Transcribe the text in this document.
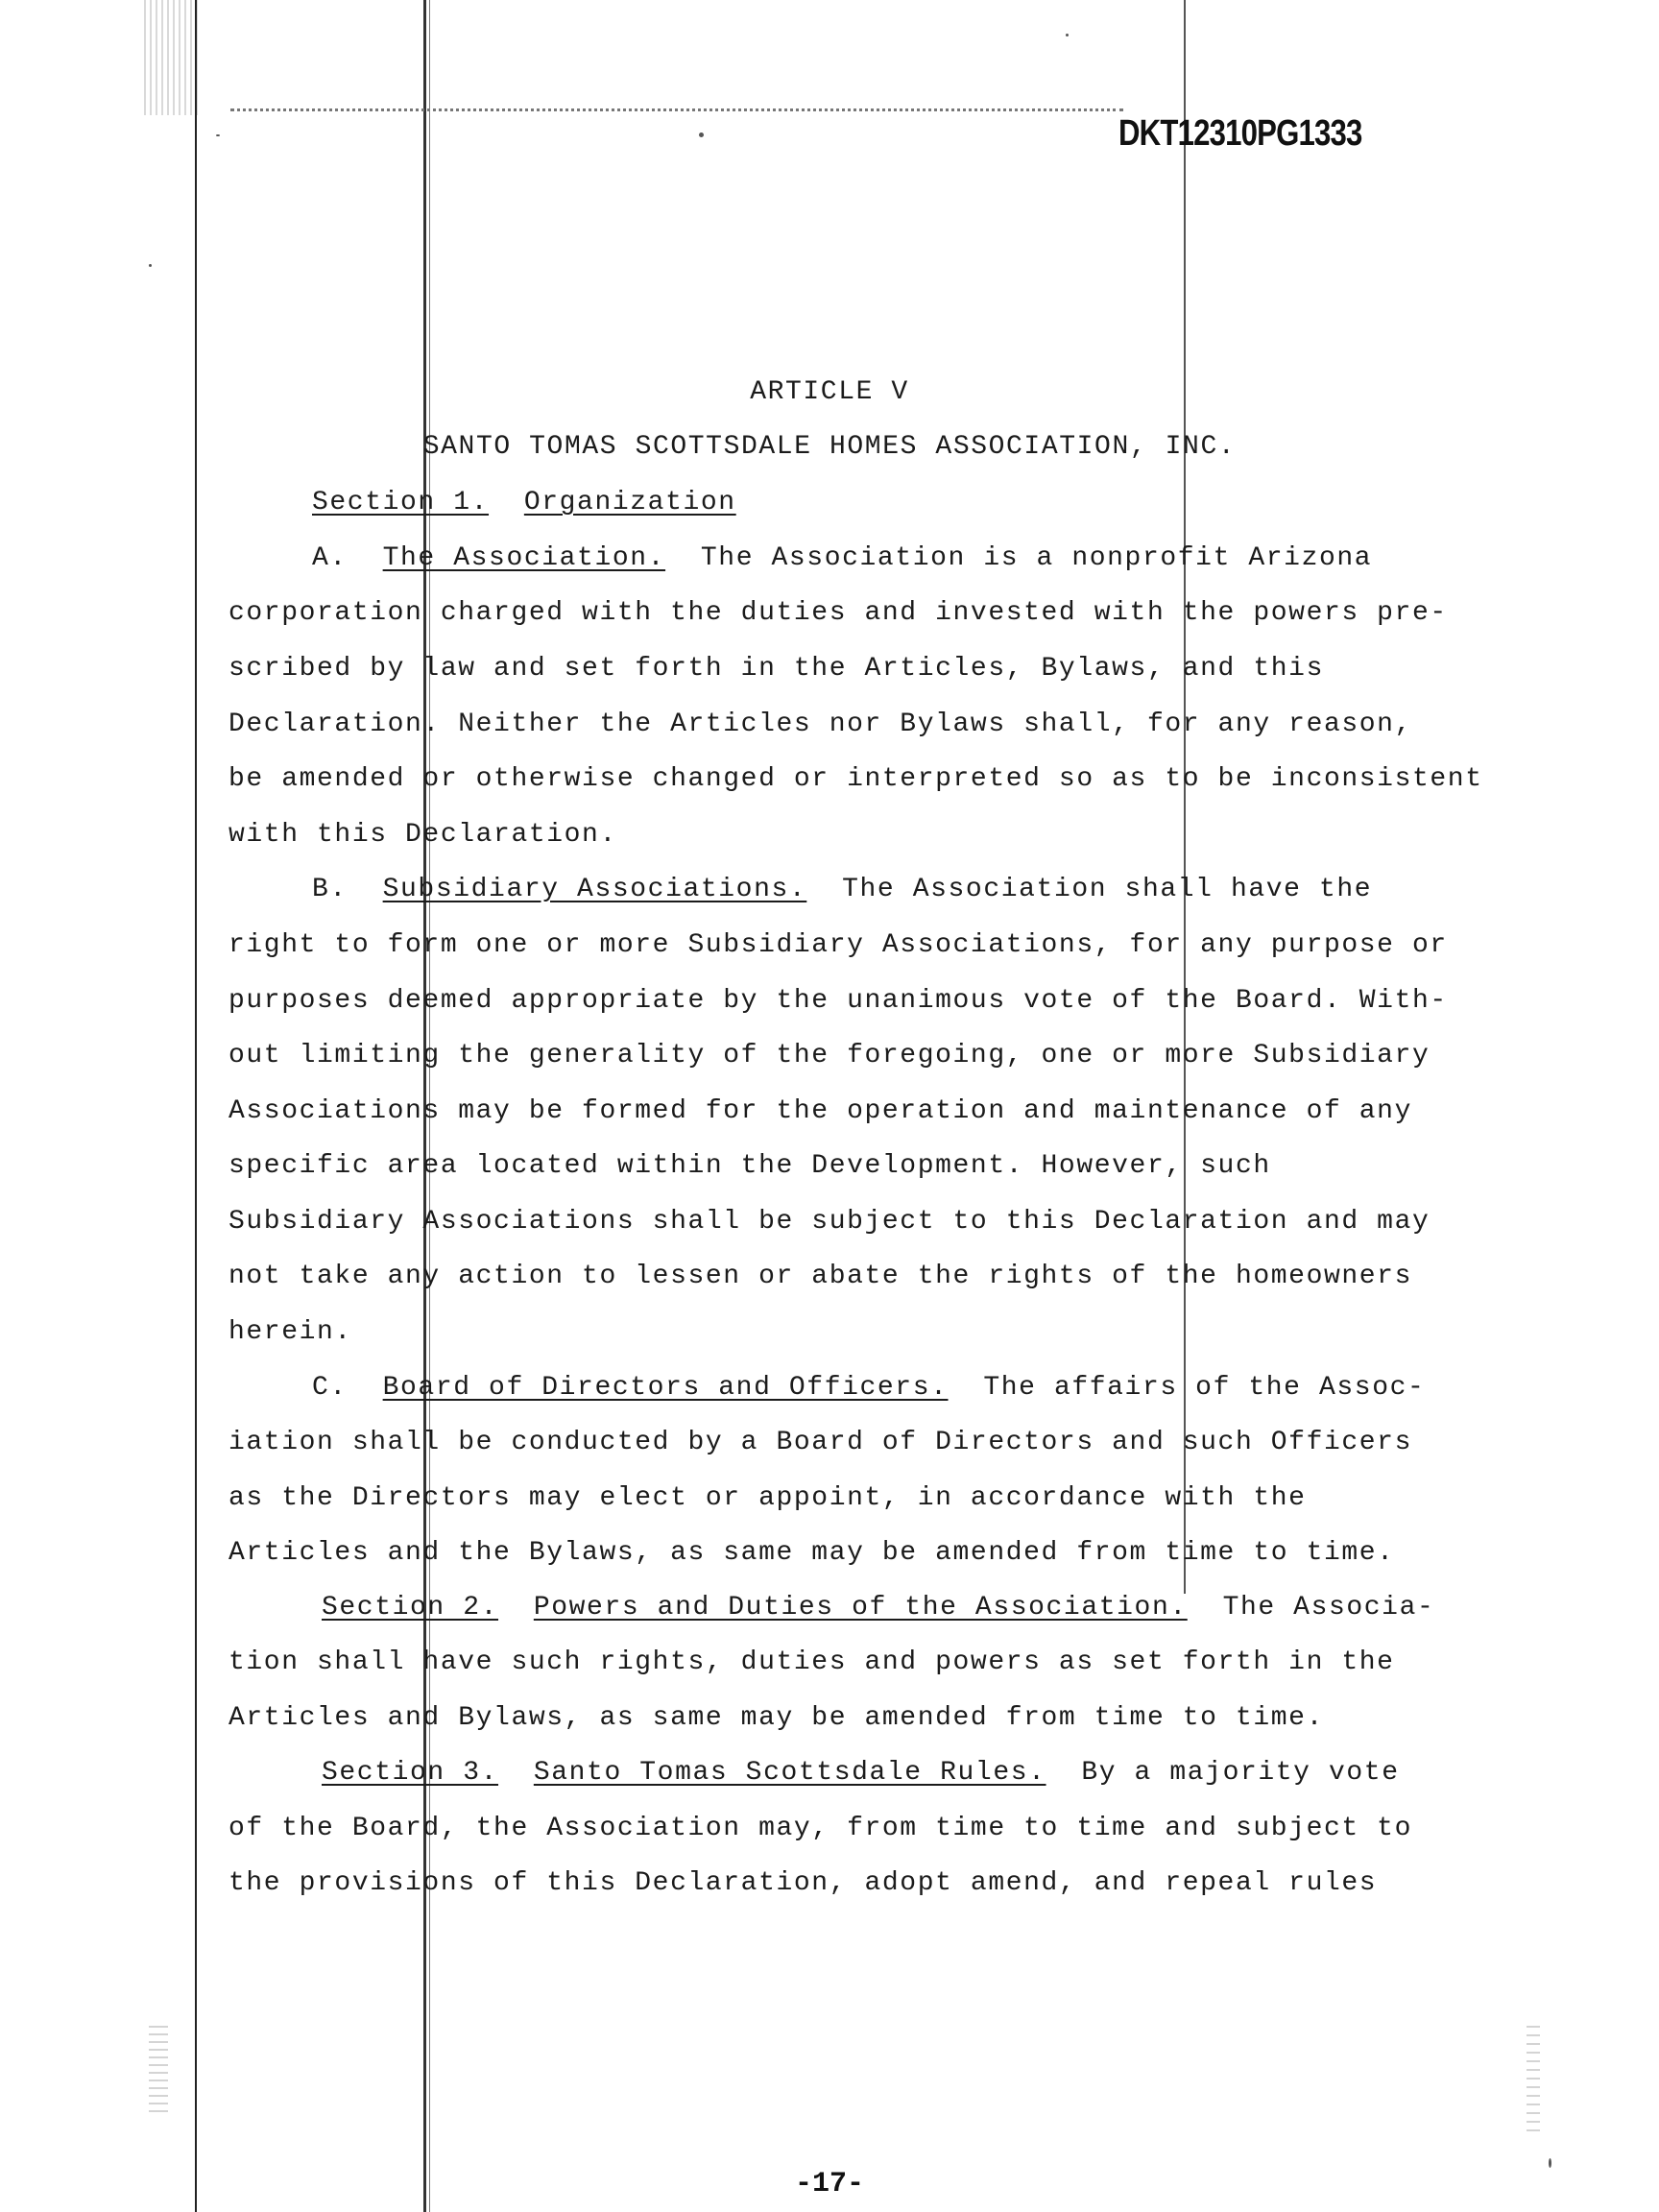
DKT12310PG1333
ARTICLE V
SANTO TOMAS SCOTTSDALE HOMES ASSOCIATION, INC.
Section 1. Organization
A. The Association. The Association is a nonprofit Arizona
corporation charged with the duties and invested with the powers pre-
scribed by law and set forth in the Articles, Bylaws, and this
Declaration. Neither the Articles nor Bylaws shall, for any reason,
be amended or otherwise changed or interpreted so as to be inconsistent
with this Declaration.
B. Subsidiary Associations. The Association shall have the
right to form one or more Subsidiary Associations, for any purpose or
purposes deemed appropriate by the unanimous vote of the Board. With-
out limiting the generality of the foregoing, one or more Subsidiary
Associations may be formed for the operation and maintenance of any
specific area located within the Development. However, such
Subsidiary Associations shall be subject to this Declaration and may
not take any action to lessen or abate the rights of the homeowners
herein.
C. Board of Directors and Officers. The affairs of the Assoc-
iation shall be conducted by a Board of Directors and such Officers
as the Directors may elect or appoint, in accordance with the
Articles and the Bylaws, as same may be amended from time to time.
Section 2. Powers and Duties of the Association. The Associa-
tion shall have such rights, duties and powers as set forth in the
Articles and Bylaws, as same may be amended from time to time.
Section 3. Santo Tomas Scottsdale Rules. By a majority vote
of the Board, the Association may, from time to time and subject to
the provisions of this Declaration, adopt amend, and repeal rules
-17-
